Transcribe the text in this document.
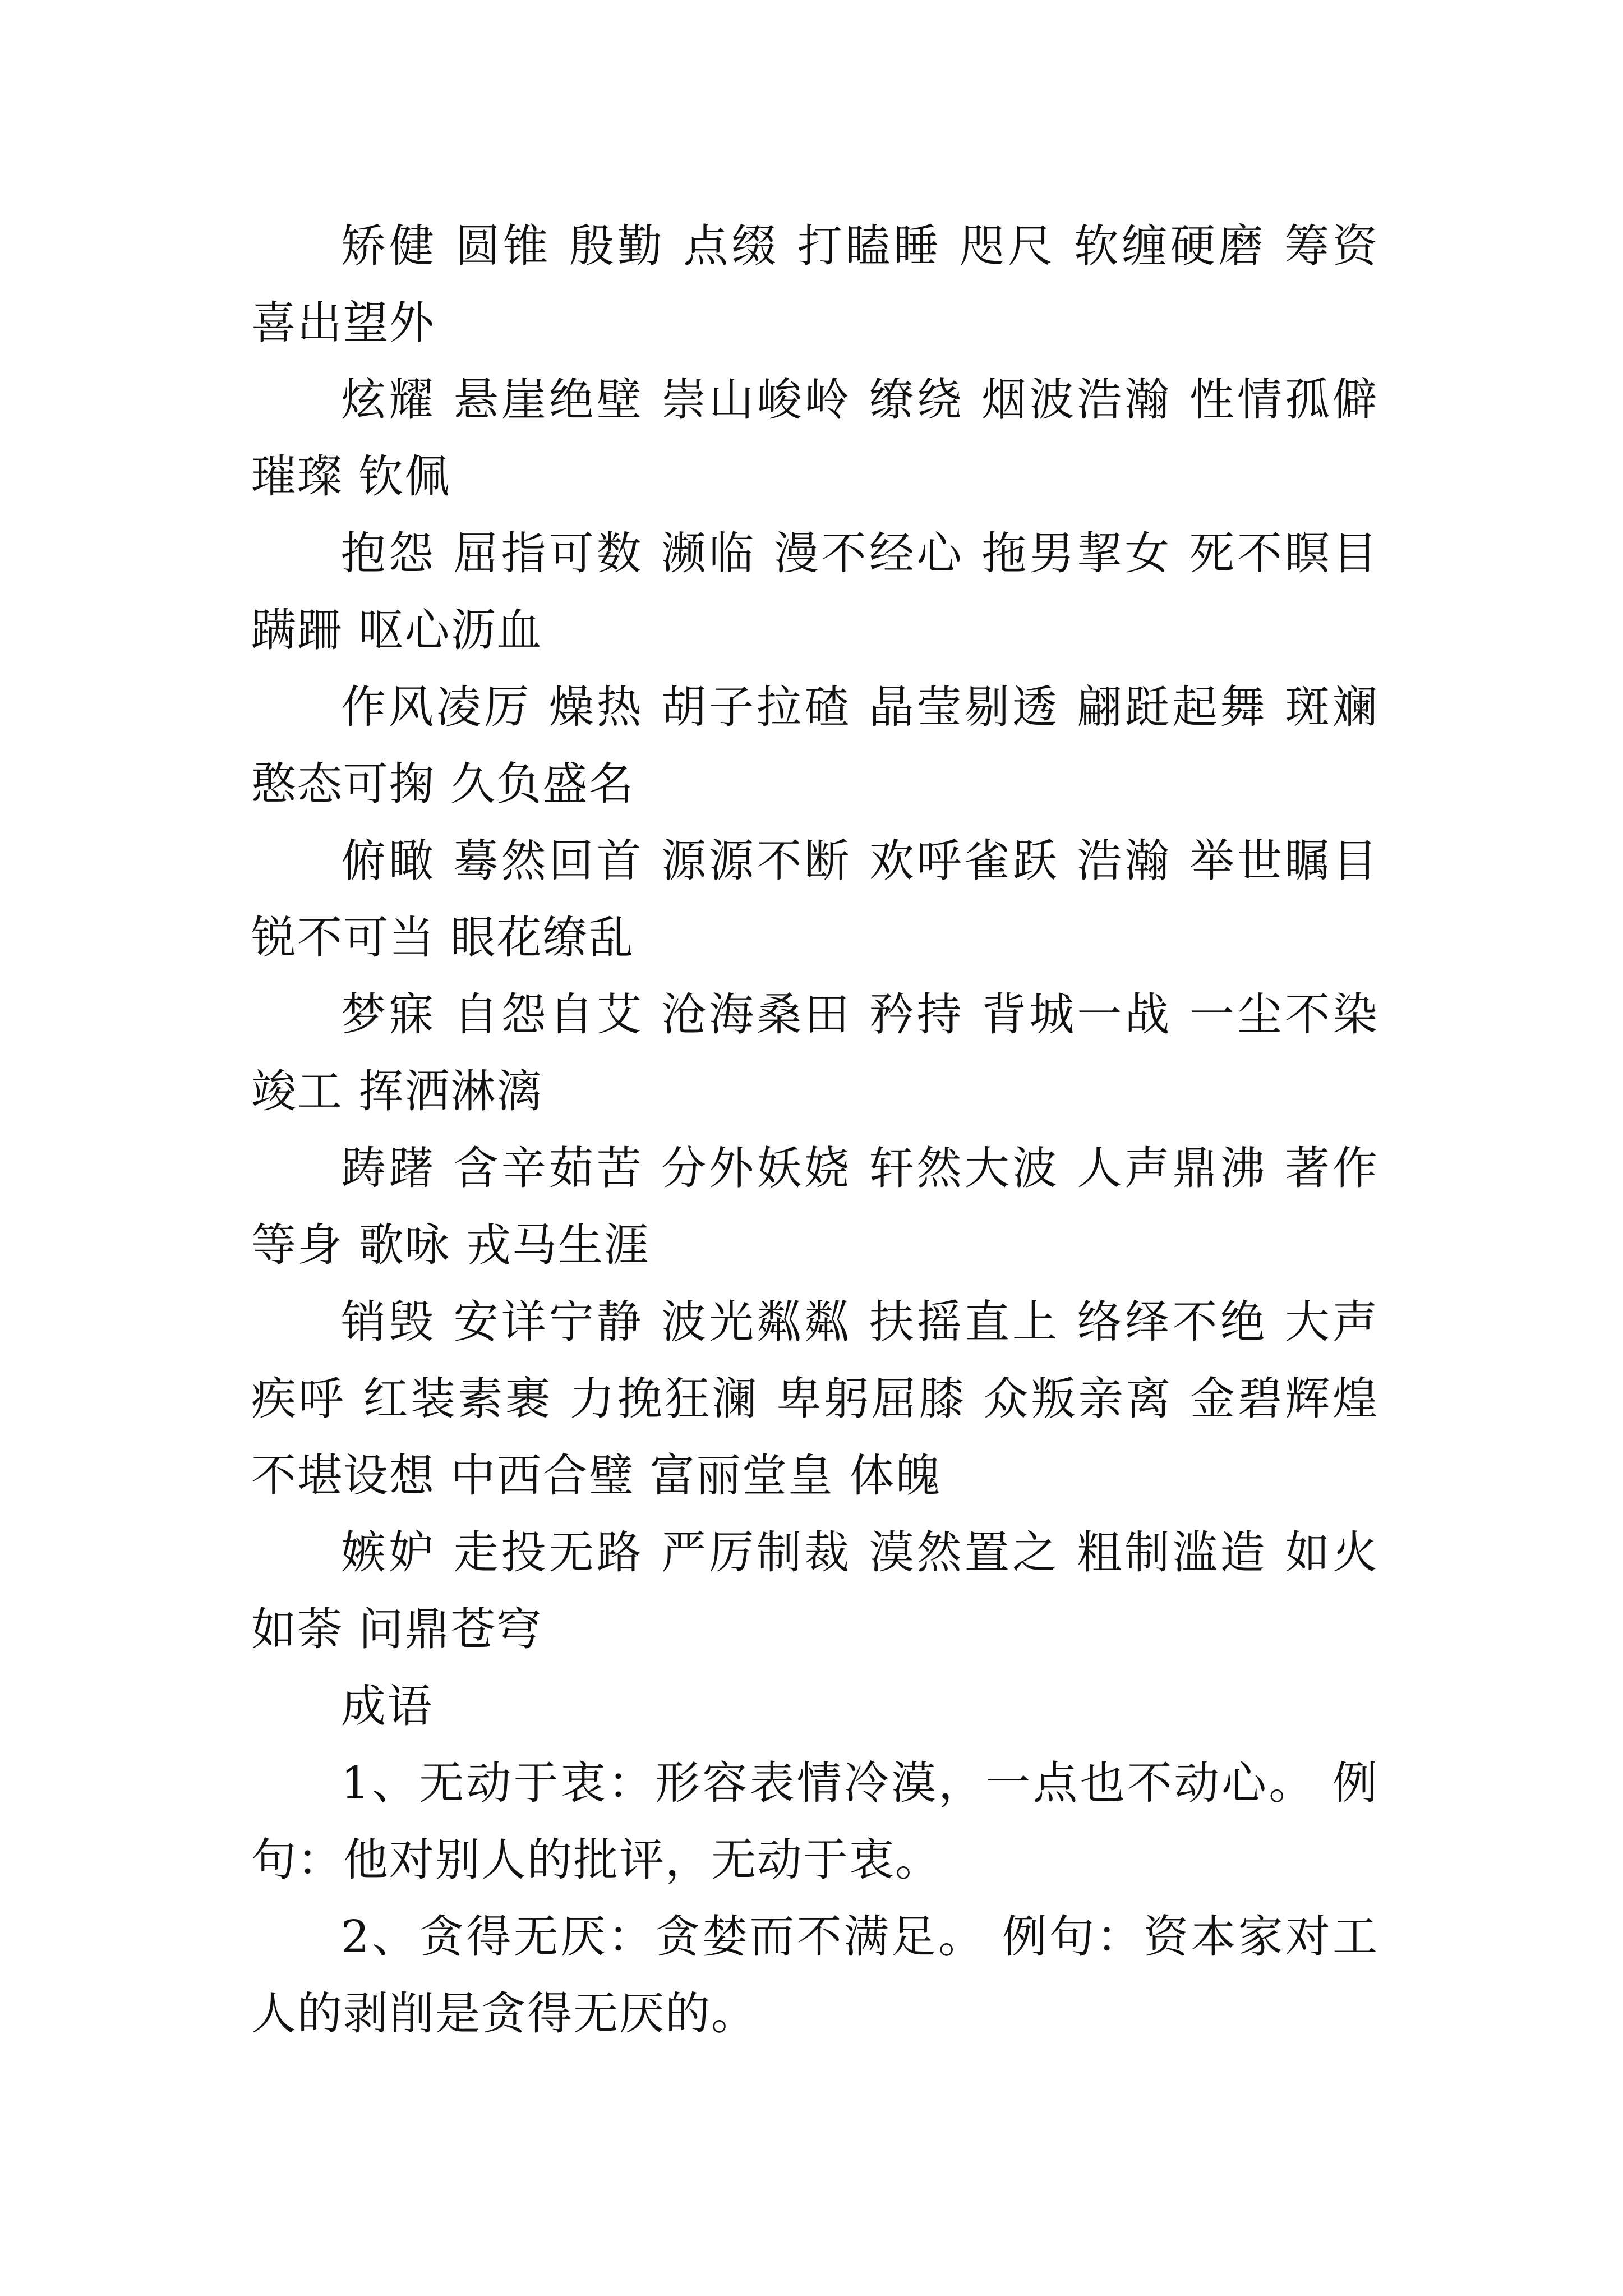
矫健 圆锥 殷勤 点缀 打瞌睡 咫尺 软缠硬磨 筹资 喜出望外

炫耀 悬崖绝壁 崇山峻岭 缭绕 烟波浩瀚 性情孤僻 璀璨 钦佩

抱怨 屈指可数 濒临 漫不经心 拖男挈女 死不瞑目 蹒跚 呕心沥血

作风凌厉 燥热 胡子拉碴 晶莹剔透 翩跹起舞 斑斓 憨态可掬 久负盛名

俯瞰 蓦然回首 源源不断 欢呼雀跃 浩瀚 举世瞩目 锐不可当 眼花缭乱

梦寐 自怨自艾 沧海桑田 矜持 背城一战 一尘不染 竣工 挥洒淋漓

踌躇 含辛茹苦 分外妖娆 轩然大波 人声鼎沸 著作等身 歌咏 戎马生涯

销毁 安详宁静 波光粼粼 扶摇直上 络绎不绝 大声疾呼 红装素裹 力挽狂澜 卑躬屈膝 众叛亲离 金碧辉煌 不堪设想 中西合璧 富丽堂皇 体魄

嫉妒 走投无路 严厉制裁 漠然置之 粗制滥造 如火如荼 问鼎苍穹

成语

1、无动于衷：形容表情冷漠，一点也不动心。 例句：他对别人的批评，无动于衷。

2、贪得无厌：贪婪而不满足。 例句：资本家对工人的剥削是贪得无厌的。
